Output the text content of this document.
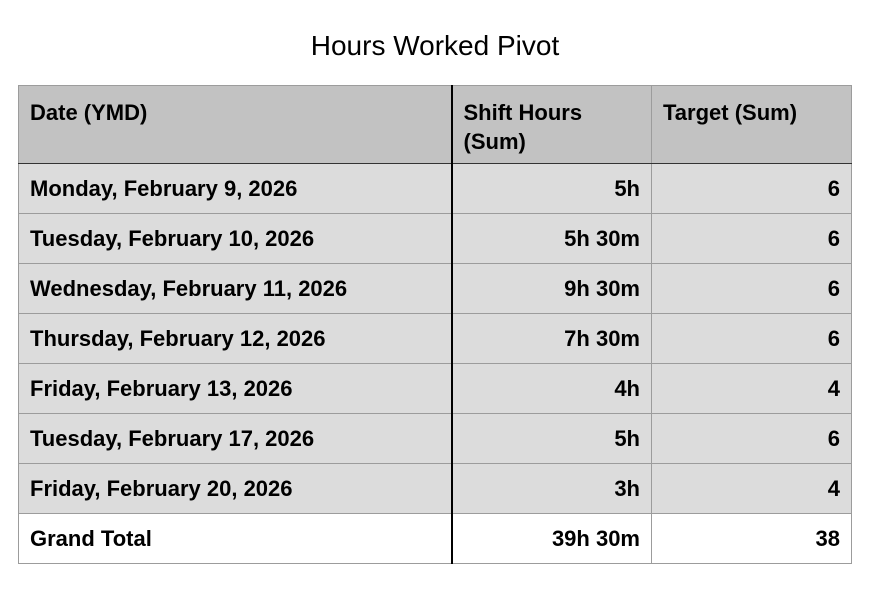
Hours Worked Pivot
Date (YMD)	Shift Hours (Sum)	Target (Sum)
Monday, February 9, 2026	5h	6
Tuesday, February 10, 2026	5h 30m	6
Wednesday, February 11, 2026	9h 30m	6
Thursday, February 12, 2026	7h 30m	6
Friday, February 13, 2026	4h	4
Tuesday, February 17, 2026	5h	6
Friday, February 20, 2026	3h	4
Grand Total	39h 30m	38
